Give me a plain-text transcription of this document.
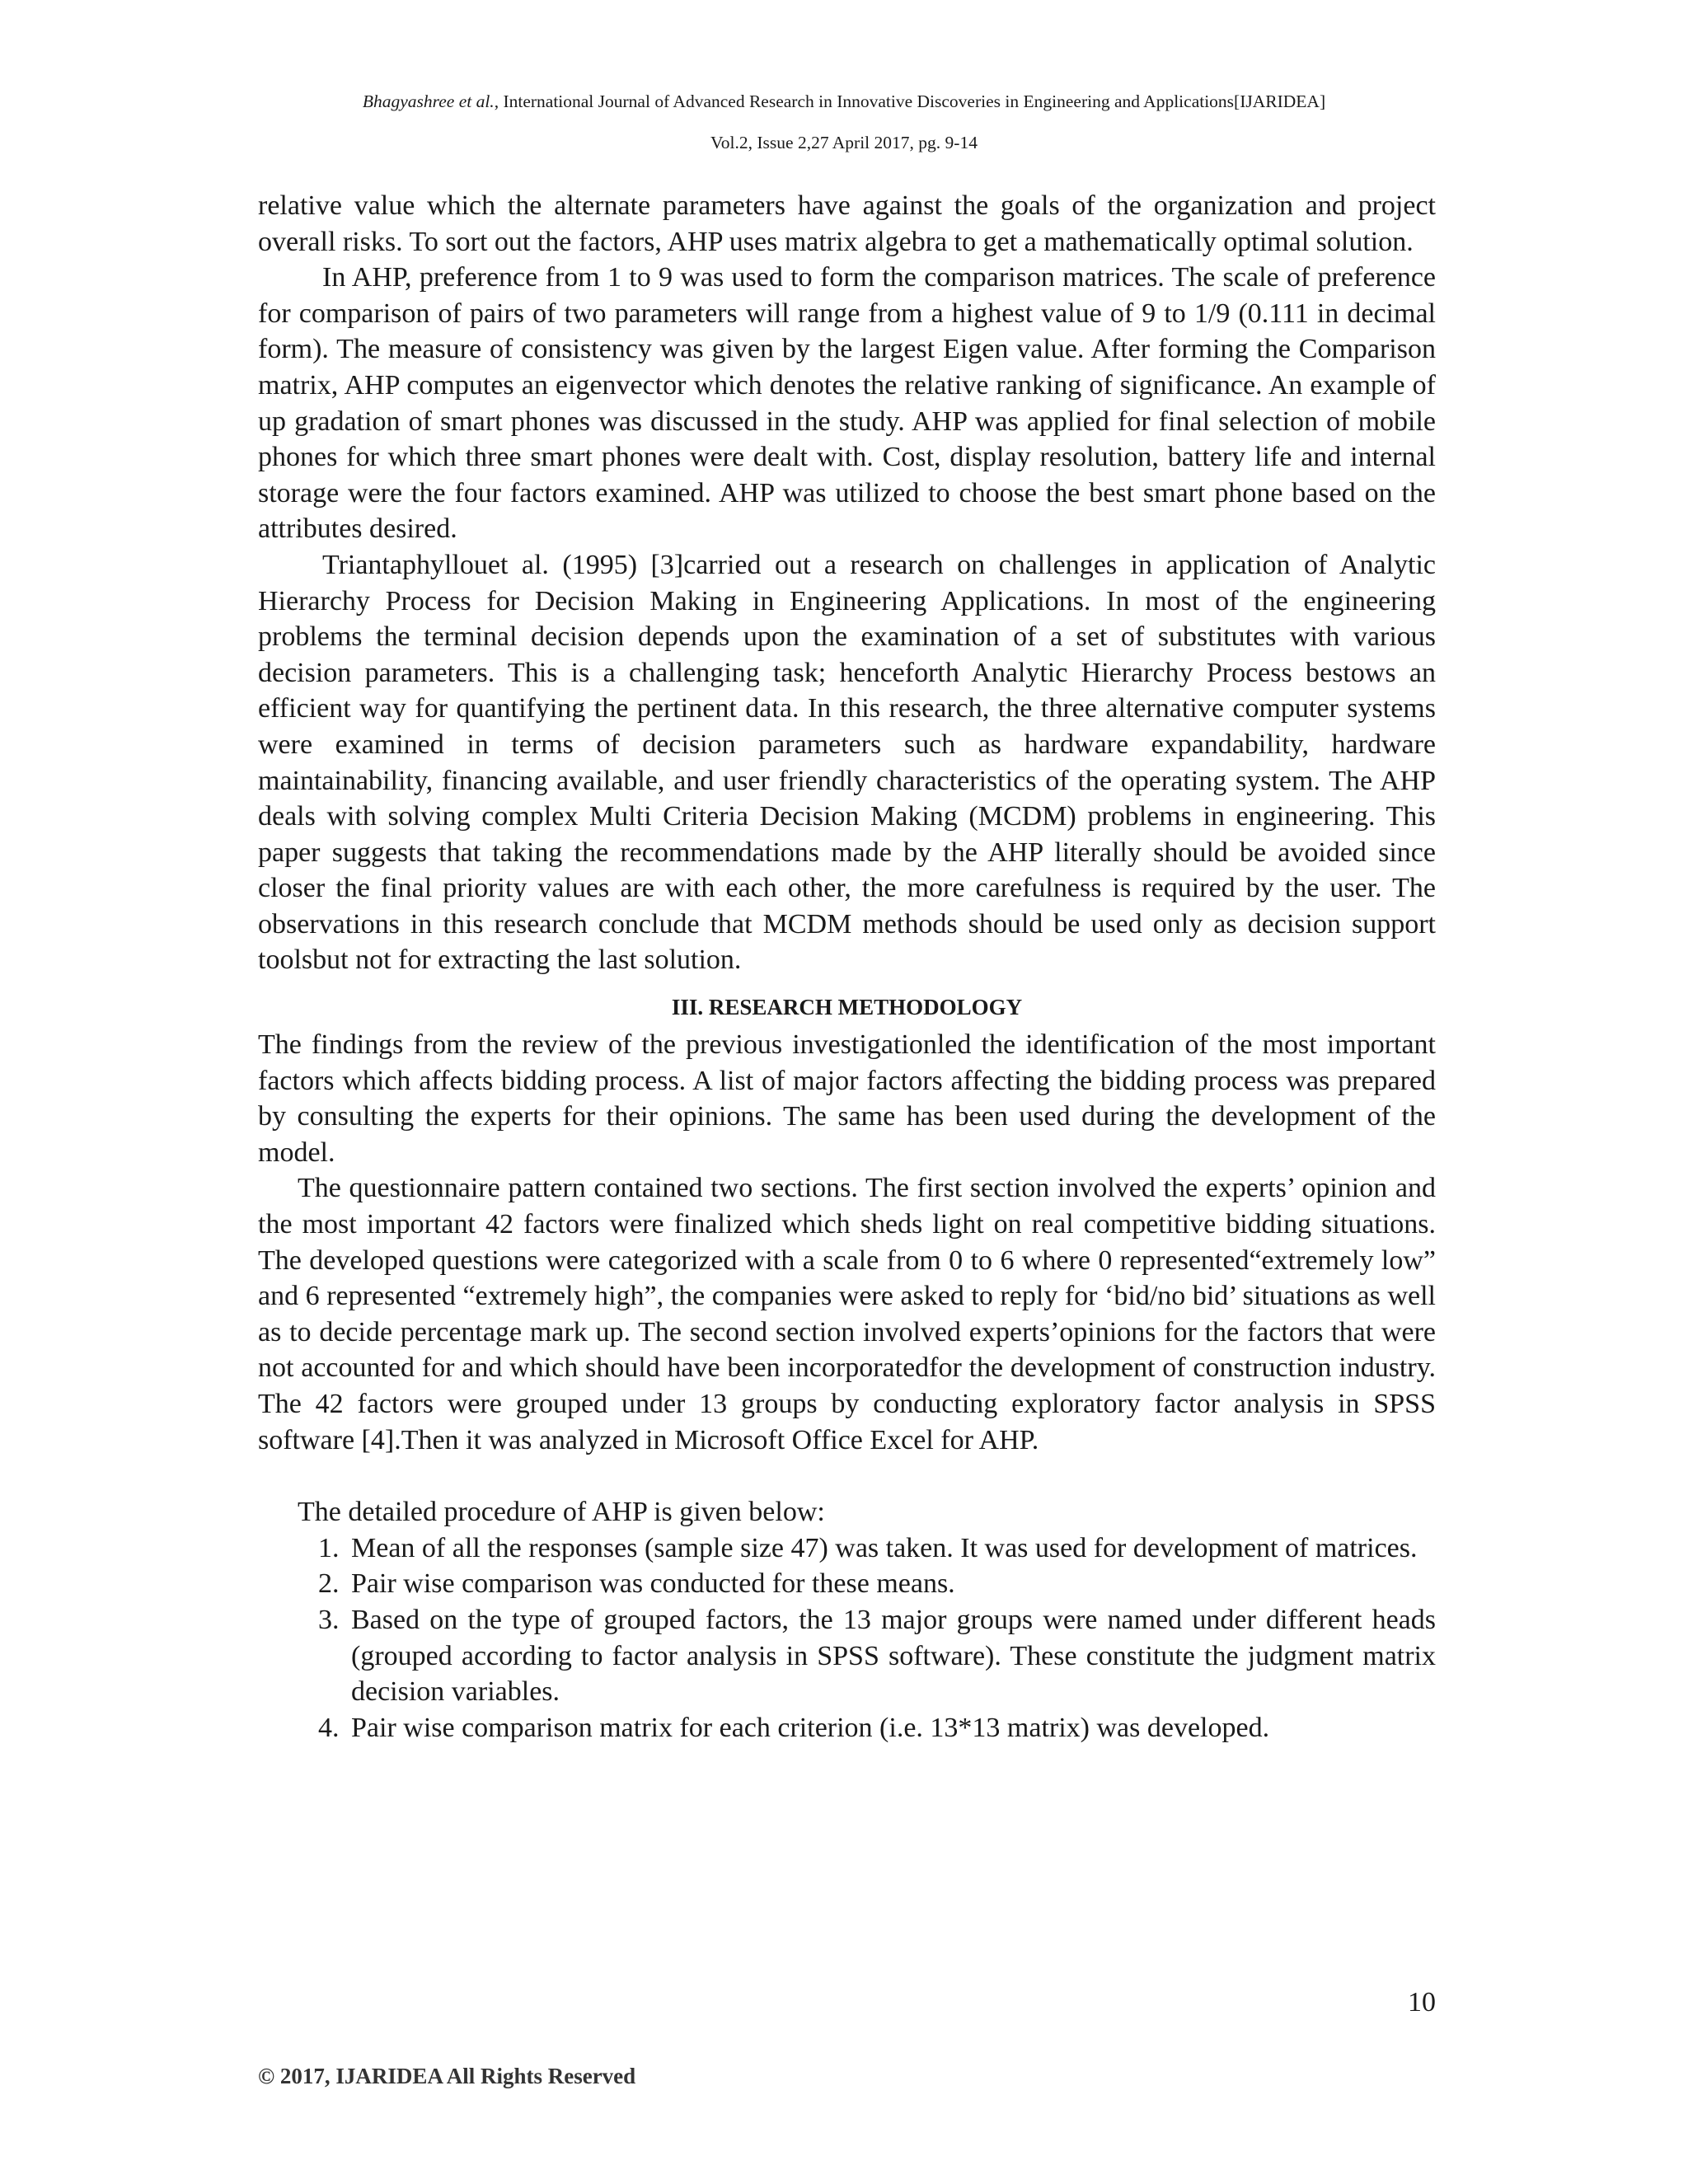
Bhagyashree et al., International Journal of Advanced Research in Innovative Discoveries in Engineering and Applications[IJARIDEA]
Vol.2, Issue 2,27 April 2017, pg. 9-14

relative value which the alternate parameters have against the goals of the organization and project overall risks. To sort out the factors, AHP uses matrix algebra to get a mathematically optimal solution.

In AHP, preference from 1 to 9 was used to form the comparison matrices. The scale of preference for comparison of pairs of two parameters will range from a highest value of 9 to 1/9 (0.111 in decimal form). The measure of consistency was given by the largest Eigen value. After forming the Comparison matrix, AHP computes an eigenvector which denotes the relative ranking of significance. An example of up gradation of smart phones was discussed in the study. AHP was applied for final selection of mobile phones for which three smart phones were dealt with. Cost, display resolution, battery life and internal storage were the four factors examined. AHP was utilized to choose the best smart phone based on the attributes desired.

Triantaphyllouet al. (1995) [3]carried out a research on challenges in application of Analytic Hierarchy Process for Decision Making in Engineering Applications. In most of the engineering problems the terminal decision depends upon the examination of a set of substitutes with various decision parameters. This is a challenging task; henceforth Analytic Hierarchy Process bestows an efficient way for quantifying the pertinent data. In this research, the three alternative computer systems were examined in terms of decision parameters such as hardware expandability, hardware maintainability, financing available, and user friendly characteristics of the operating system. The AHP deals with solving complex Multi Criteria Decision Making (MCDM) problems in engineering. This paper suggests that taking the recommendations made by the AHP literally should be avoided since closer the final priority values are with each other, the more carefulness is required by the user. The observations in this research conclude that MCDM methods should be used only as decision support toolsbut not for extracting the last solution.

III. RESEARCH METHODOLOGY

The findings from the review of the previous investigationled the identification of the most important factors which affects bidding process. A list of major factors affecting the bidding process was prepared by consulting the experts for their opinions. The same has been used during the development of the model.

The questionnaire pattern contained two sections. The first section involved the experts’ opinion and the most important 42 factors were finalized which sheds light on real competitive bidding situations. The developed questions were categorized with a scale from 0 to 6 where 0 represented“extremely low” and 6 represented “extremely high”, the companies were asked to reply for ‘bid/no bid’ situations as well as to decide percentage mark up. The second section involved experts’opinions for the factors that were not accounted for and which should have been incorporatedfor the development of construction industry. The 42 factors were grouped under 13 groups by conducting exploratory factor analysis in SPSS software [4].Then it was analyzed in Microsoft Office Excel for AHP.

The detailed procedure of AHP is given below:

1. Mean of all the responses (sample size 47) was taken. It was used for development of matrices.
2. Pair wise comparison was conducted for these means.
3. Based on the type of grouped factors, the 13 major groups were named under different heads (grouped according to factor analysis in SPSS software). These constitute the judgment matrix decision variables.
4. Pair wise comparison matrix for each criterion (i.e. 13*13 matrix) was developed.
10
© 2017, IJARIDEA All Rights Reserved
